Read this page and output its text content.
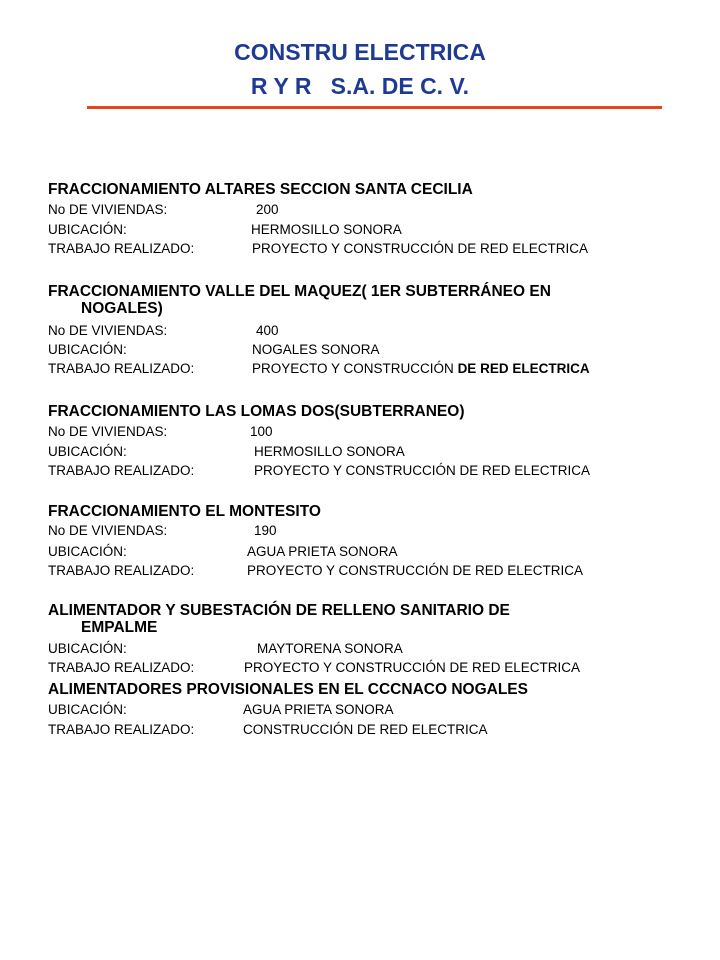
CONSTRU ELECTRICA
R Y R   S.A. DE C. V.
FRACCIONAMIENTO ALTARES SECCION SANTA CECILIA
No DE VIVIENDAS:	200
UBICACIÓN:	HERMOSILLO SONORA
TRABAJO REALIZADO:	PROYECTO Y CONSTRUCCIÓN DE RED ELECTRICA
FRACCIONAMIENTO VALLE DEL MAQUEZ( 1ER SUBTERRÁNEO EN
NOGALES)
No DE VIVIENDAS:	400
UBICACIÓN:	NOGALES SONORA
TRABAJO REALIZADO:	PROYECTO Y CONSTRUCCIÓN DE RED ELECTRICA
FRACCIONAMIENTO LAS LOMAS DOS(SUBTERRANEO)
No DE VIVIENDAS:	100
UBICACIÓN:	HERMOSILLO SONORA
TRABAJO REALIZADO:	PROYECTO Y CONSTRUCCIÓN DE RED ELECTRICA
FRACCIONAMIENTO EL MONTESITO
No DE VIVIENDAS:	190
UBICACIÓN:	AGUA PRIETA SONORA
TRABAJO REALIZADO:	PROYECTO Y CONSTRUCCIÓN DE RED ELECTRICA
ALIMENTADOR Y SUBESTACIÓN DE RELLENO SANITARIO DE
EMPALME
UBICACIÓN:	MAYTORENA SONORA
TRABAJO REALIZADO:	PROYECTO Y CONSTRUCCIÓN DE RED ELECTRICA
ALIMENTADORES PROVISIONALES EN EL CCCNACO NOGALES
UBICACIÓN:	AGUA PRIETA SONORA
TRABAJO REALIZADO:	CONSTRUCCIÓN DE RED ELECTRICA
